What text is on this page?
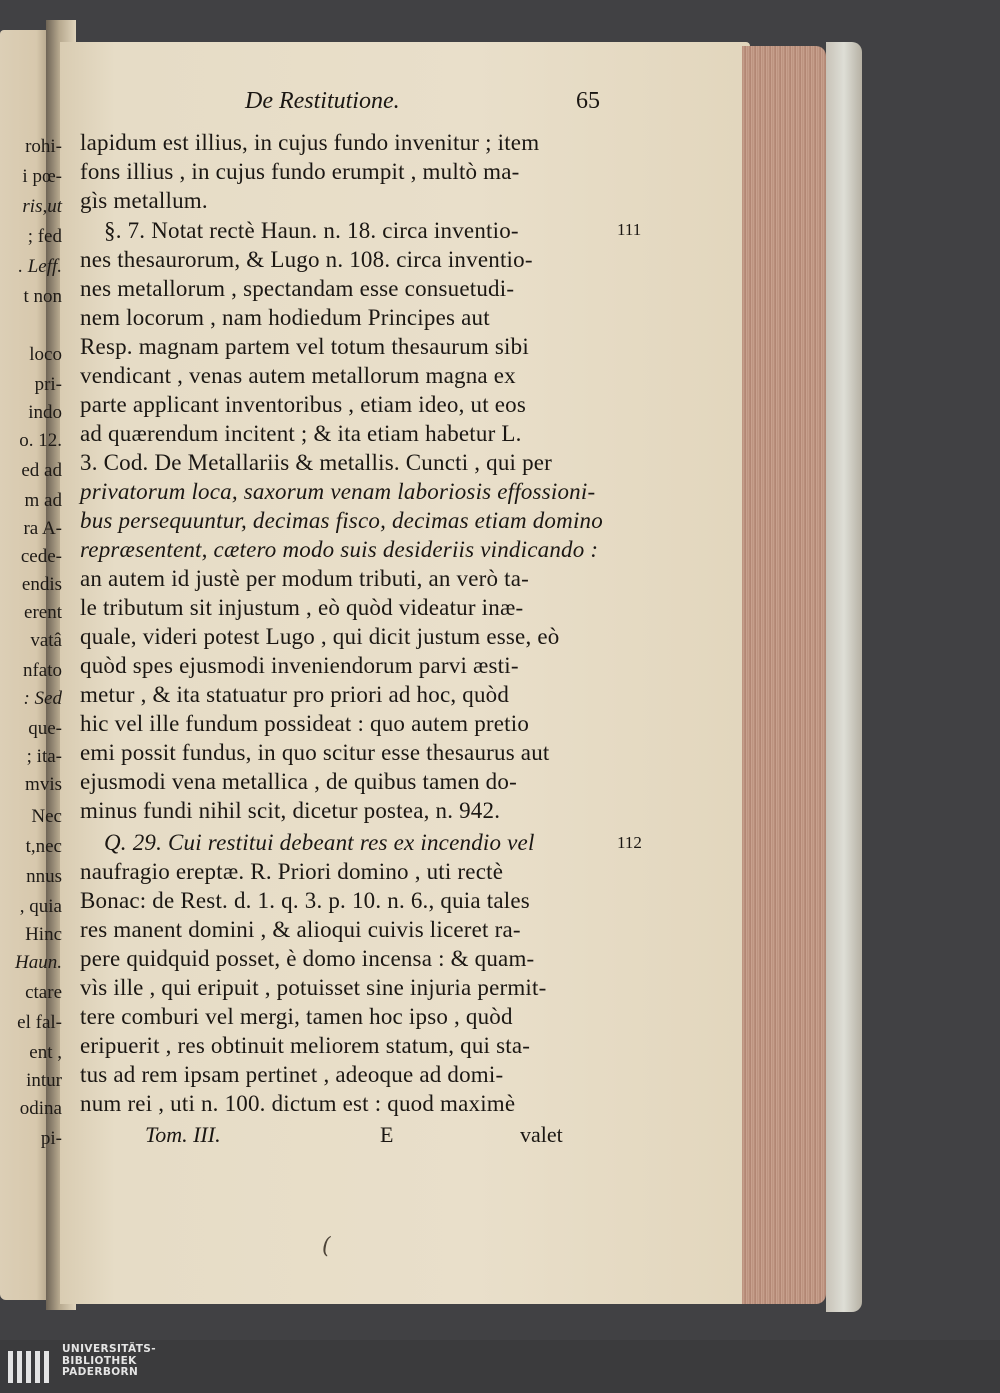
rohi-
i pœ-
ris,ut
; fed
. Leff.
t non
loco
pri-
indo
o. 12.
ed ad
m ad
ra A-
cede-
endis
erent
vatâ
nfato
: Sed
que-
; ita-
mvis
Nec
t,nec
nnus
, quia
Hinc
Haun.
ctare
el fal-
ent ,
intur
odina
pi-
De Restitutione.	65
lapidum est illius, in cujus fundo invenitur ; item
fons illius , in cujus fundo erumpit , multò ma-
gìs metallum.
§. 7. Notat rectè Haun. n. 18. circa inventio-
nes thesaurorum, & Lugo n. 108. circa inventio-
nes metallorum , spectandam esse consuetudi-
nem locorum , nam hodiedum Principes aut
Resp. magnam partem vel totum thesaurum sibi
vendicant , venas autem metallorum magna ex
parte applicant inventoribus , etiam ideo, ut eos
ad quærendum incitent ; & ita etiam habetur L.
3. Cod. De Metallariis & metallis. Cuncti , qui per
privatorum loca, saxorum venam laboriosis effossioni-
bus persequuntur, decimas fisco, decimas etiam domino
repræsentent, cætero modo suis desideriis vindicando :
an autem id justè per modum tributi, an verò ta-
le tributum sit injustum , eò quòd videatur inæ-
quale, videri potest Lugo , qui dicit justum esse, eò
quòd spes ejusmodi inveniendorum parvi æsti-
metur , & ita statuatur pro priori ad hoc, quòd
hic vel ille fundum possideat : quo autem pretio
emi possit fundus, in quo scitur esse thesaurus aut
ejusmodi vena metallica , de quibus tamen do-
minus fundi nihil scit, dicetur postea, n. 942.
Q. 29. Cui restitui debeant res ex incendio vel
naufragio ereptæ. R. Priori domino , uti rectè
Bonac: de Rest. d. 1. q. 3. p. 10. n. 6., quia tales
res manent domini , & alioqui cuivis liceret ra-
pere quidquid posset, è domo incensa : & quam-
vìs ille , qui eripuit , potuisset sine injuria permit-
tere comburi vel mergi, tamen hoc ipso , quòd
eripuerit , res obtinuit meliorem statum, qui sta-
tus ad rem ipsam pertinet , adeoque ad domi-
num rei , uti n. 100. dictum est : quod maximè
Tom. III.	E	valet
111
112
(
UNIVERSITÄTS-
BIBLIOTHEK
PADERBORN
